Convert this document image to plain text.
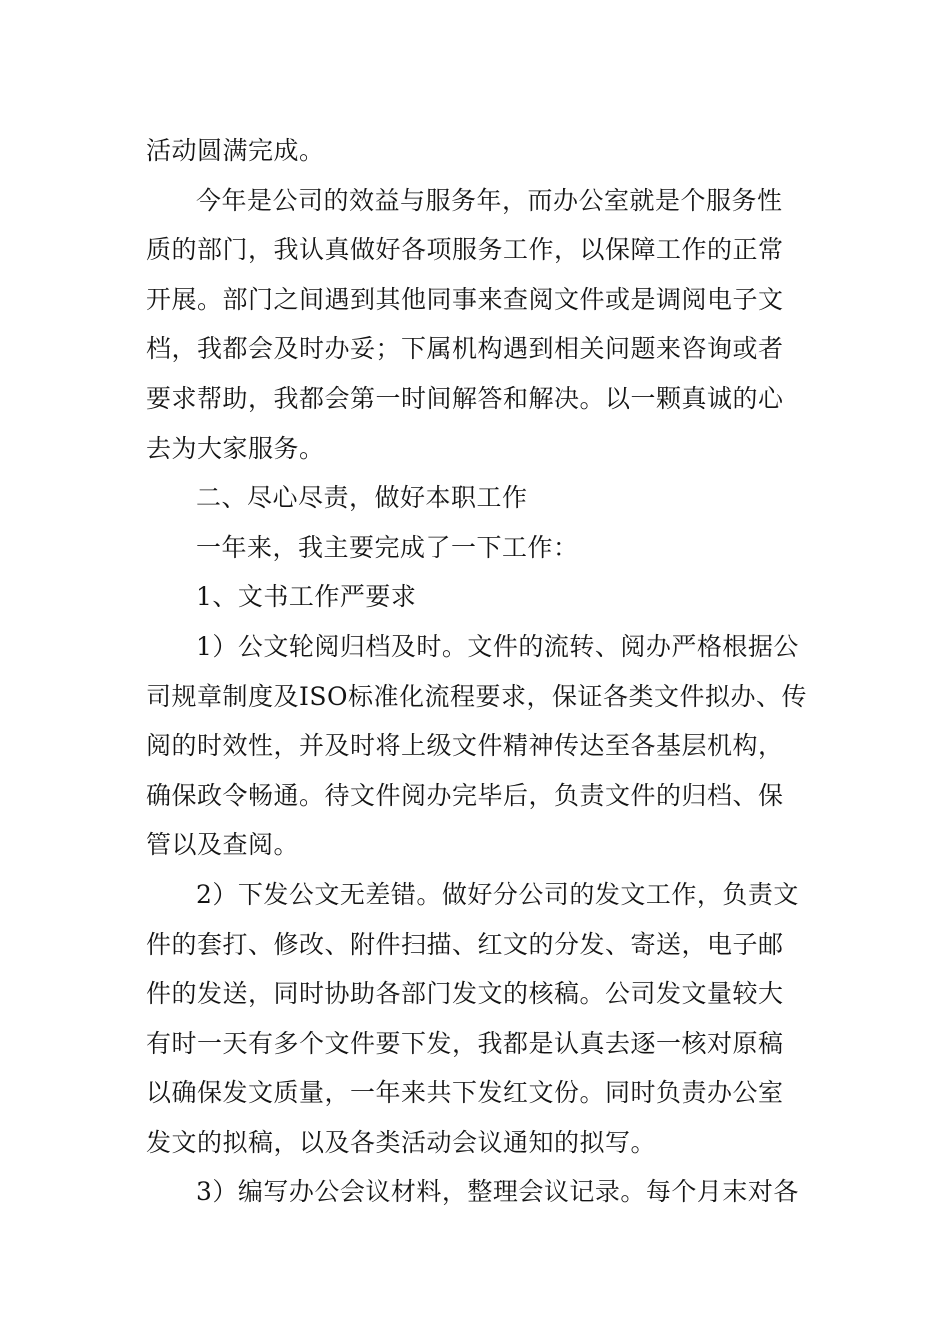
活动圆满完成。

今年是公司的效益与服务年，而办公室就是个服务性
质的部门，我认真做好各项服务工作，以保障工作的正常
开展。部门之间遇到其他同事来查阅文件或是调阅电子文
档，我都会及时办妥；下属机构遇到相关问题来咨询或者
要求帮助，我都会第一时间解答和解决。以一颗真诚的心
去为大家服务。

二、尽心尽责，做好本职工作

一年来，我主要完成了一下工作：

1、文书工作严要求

1）公文轮阅归档及时。文件的流转、阅办严格根据公
司规章制度及ISO标准化流程要求，保证各类文件拟办、传
阅的时效性，并及时将上级文件精神传达至各基层机构，
确保政令畅通。待文件阅办完毕后，负责文件的归档、保
管以及查阅。

2）下发公文无差错。做好分公司的发文工作，负责文
件的套打、修改、附件扫描、红文的分发、寄送，电子邮
件的发送，同时协助各部门发文的核稿。公司发文量较大
有时一天有多个文件要下发，我都是认真去逐一核对原稿
以确保发文质量，一年来共下发红文份。同时负责办公室
发文的拟稿，以及各类活动会议通知的拟写。

3）编写办公会议材料，整理会议记录。每个月末对各
